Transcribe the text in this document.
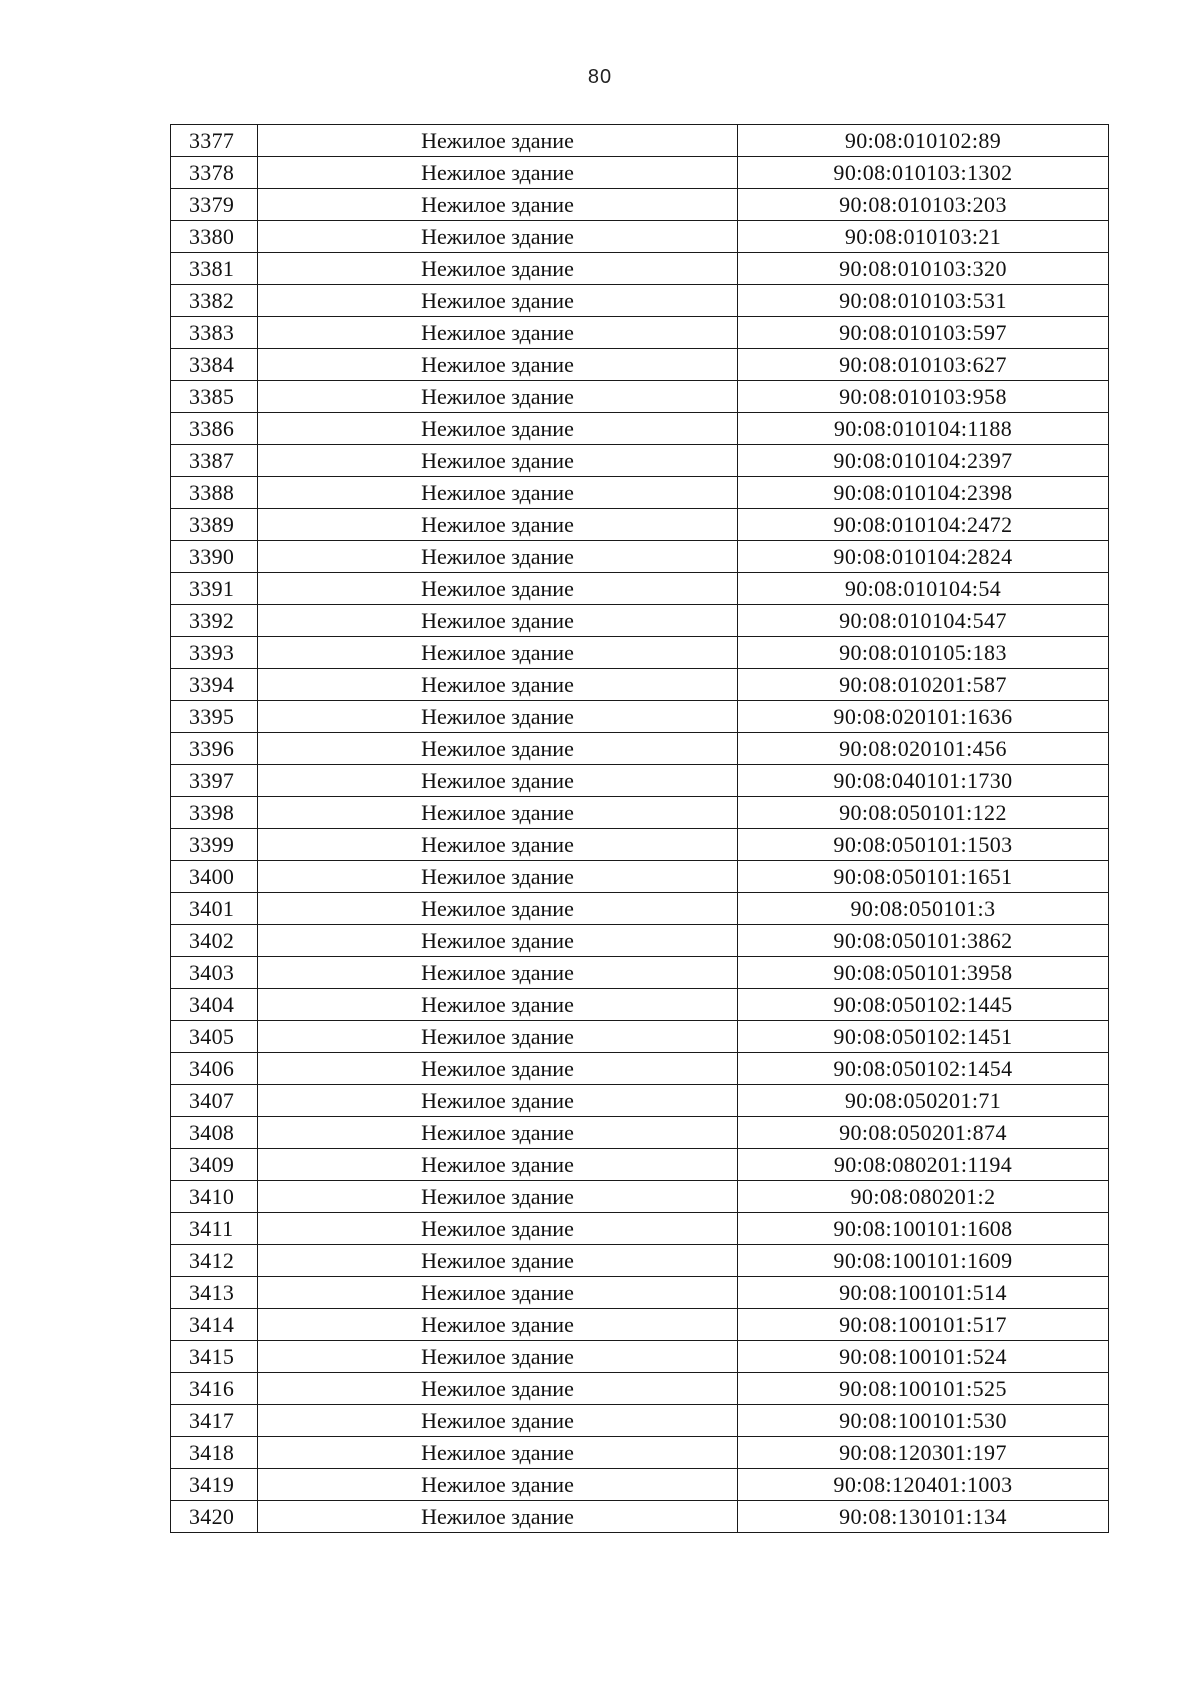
80
3377	Нежилое здание	90:08:010102:89
3378	Нежилое здание	90:08:010103:1302
3379	Нежилое здание	90:08:010103:203
3380	Нежилое здание	90:08:010103:21
3381	Нежилое здание	90:08:010103:320
3382	Нежилое здание	90:08:010103:531
3383	Нежилое здание	90:08:010103:597
3384	Нежилое здание	90:08:010103:627
3385	Нежилое здание	90:08:010103:958
3386	Нежилое здание	90:08:010104:1188
3387	Нежилое здание	90:08:010104:2397
3388	Нежилое здание	90:08:010104:2398
3389	Нежилое здание	90:08:010104:2472
3390	Нежилое здание	90:08:010104:2824
3391	Нежилое здание	90:08:010104:54
3392	Нежилое здание	90:08:010104:547
3393	Нежилое здание	90:08:010105:183
3394	Нежилое здание	90:08:010201:587
3395	Нежилое здание	90:08:020101:1636
3396	Нежилое здание	90:08:020101:456
3397	Нежилое здание	90:08:040101:1730
3398	Нежилое здание	90:08:050101:122
3399	Нежилое здание	90:08:050101:1503
3400	Нежилое здание	90:08:050101:1651
3401	Нежилое здание	90:08:050101:3
3402	Нежилое здание	90:08:050101:3862
3403	Нежилое здание	90:08:050101:3958
3404	Нежилое здание	90:08:050102:1445
3405	Нежилое здание	90:08:050102:1451
3406	Нежилое здание	90:08:050102:1454
3407	Нежилое здание	90:08:050201:71
3408	Нежилое здание	90:08:050201:874
3409	Нежилое здание	90:08:080201:1194
3410	Нежилое здание	90:08:080201:2
3411	Нежилое здание	90:08:100101:1608
3412	Нежилое здание	90:08:100101:1609
3413	Нежилое здание	90:08:100101:514
3414	Нежилое здание	90:08:100101:517
3415	Нежилое здание	90:08:100101:524
3416	Нежилое здание	90:08:100101:525
3417	Нежилое здание	90:08:100101:530
3418	Нежилое здание	90:08:120301:197
3419	Нежилое здание	90:08:120401:1003
3420	Нежилое здание	90:08:130101:134
